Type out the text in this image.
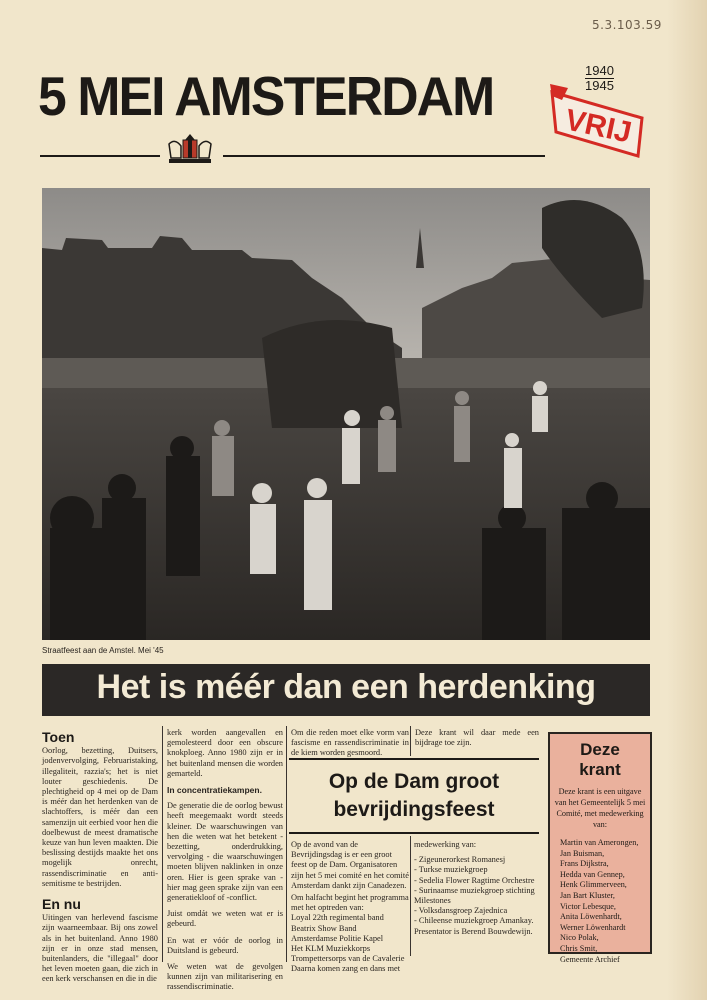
5.3.103.59
5 MEI AMSTERDAM	1940
1945
VRIJ
Straatfeest aan de Amstel. Mei '45
Het is méér dan een herdenking
Toen

Oorlog, bezetting, Duitsers, jodenvervolging, Februaristaking, illegaliteit, razzia's; het is niet louter geschiedenis. De plechtigheid op 4 mei op de Dam is méér dan het herdenken van de slachtoffers, is méér dan een samenzijn uit eerbied voor hen die doelbewust de meest dramatische keuze van hun leven maakten. Die beslissing destijds maakte het ons mogelijk onrecht, rassendiscriminatie en anti-semitisme te bestrijden.

En nu

Uitingen van herlevend fascisme zijn waarneembaar. Bij ons zowel als in het buitenland. Anno 1980 zijn er in onze stad mensen, buitenlanders, die "illegaal" door het leven moeten gaan, die zich in een kerk verschansen en die in die

kerk worden aangevallen en gemolesteerd door een obscure knokploeg. Anno 1980 zijn er in het buitenland mensen die worden gemarteld.

In concentratiekampen.

De generatie die de oorlog bewust heeft meegemaakt wordt steeds kleiner. De waarschuwingen van hen die weten wat het betekent - bezetting, onderdrukking, vervolging - die waarschuwingen moeten blijven naklinken in onze oren. Hier is geen sprake van - hier mag geen sprake zijn van een generatiekloof of -conflict.

Juist omdát we weten wat er is gebeurd.

En wat er vóór de oorlog in Duitsland is gebeurd.

We weten wat de gevolgen kunnen zijn van militarisering en rassendiscriminatie.

Om die reden moet elke vorm van fascisme en rassendiscriminatie in de kiem worden gesmoord.

Deze krant wil daar mede een bijdrage toe zijn.

Op de Dam groot
bevrijdingsfeest

Op de avond van de Bevrijdingsdag is er een groot feest op de Dam. Organisatoren zijn het 5 mei comité en het comité Amsterdam dankt zijn Canadezen.

Om halfacht begint het programma met het optreden van:

Loyal 22th regimental band
Beatrix Show Band
Amsterdamse Politie Kapel
Het KLM Muziekkorps
Trompettersorps van de Cavalerie
Daarna komen zang en dans met
medewerking van:
- Zigeunerorkest Romanesj
- Turkse muziekgroep
- Sedelia Flower Ragtime Orchestre
- Surinaamse muziekgroep stichting Milestones
- Volksdansgroep Zajednica
- Chileense muziekgroep Amankay.
Presentator is Berend Bouwdewijn.
Deze
krant
Deze krant is een uitgave van het Gemeentelijk 5 mei Comité, met medewerking van:
Martin van Amerongen,
Jan Buisman,
Frans Dijkstra,
Hedda van Gennep,
Henk Glimmerveen,
Jan Bart Kluster,
Victor Lebesque,
Anita Löwenhardt,
Werner Löwenhardt
Nico Polak,
Chris Smit,
Gemeente Archief
